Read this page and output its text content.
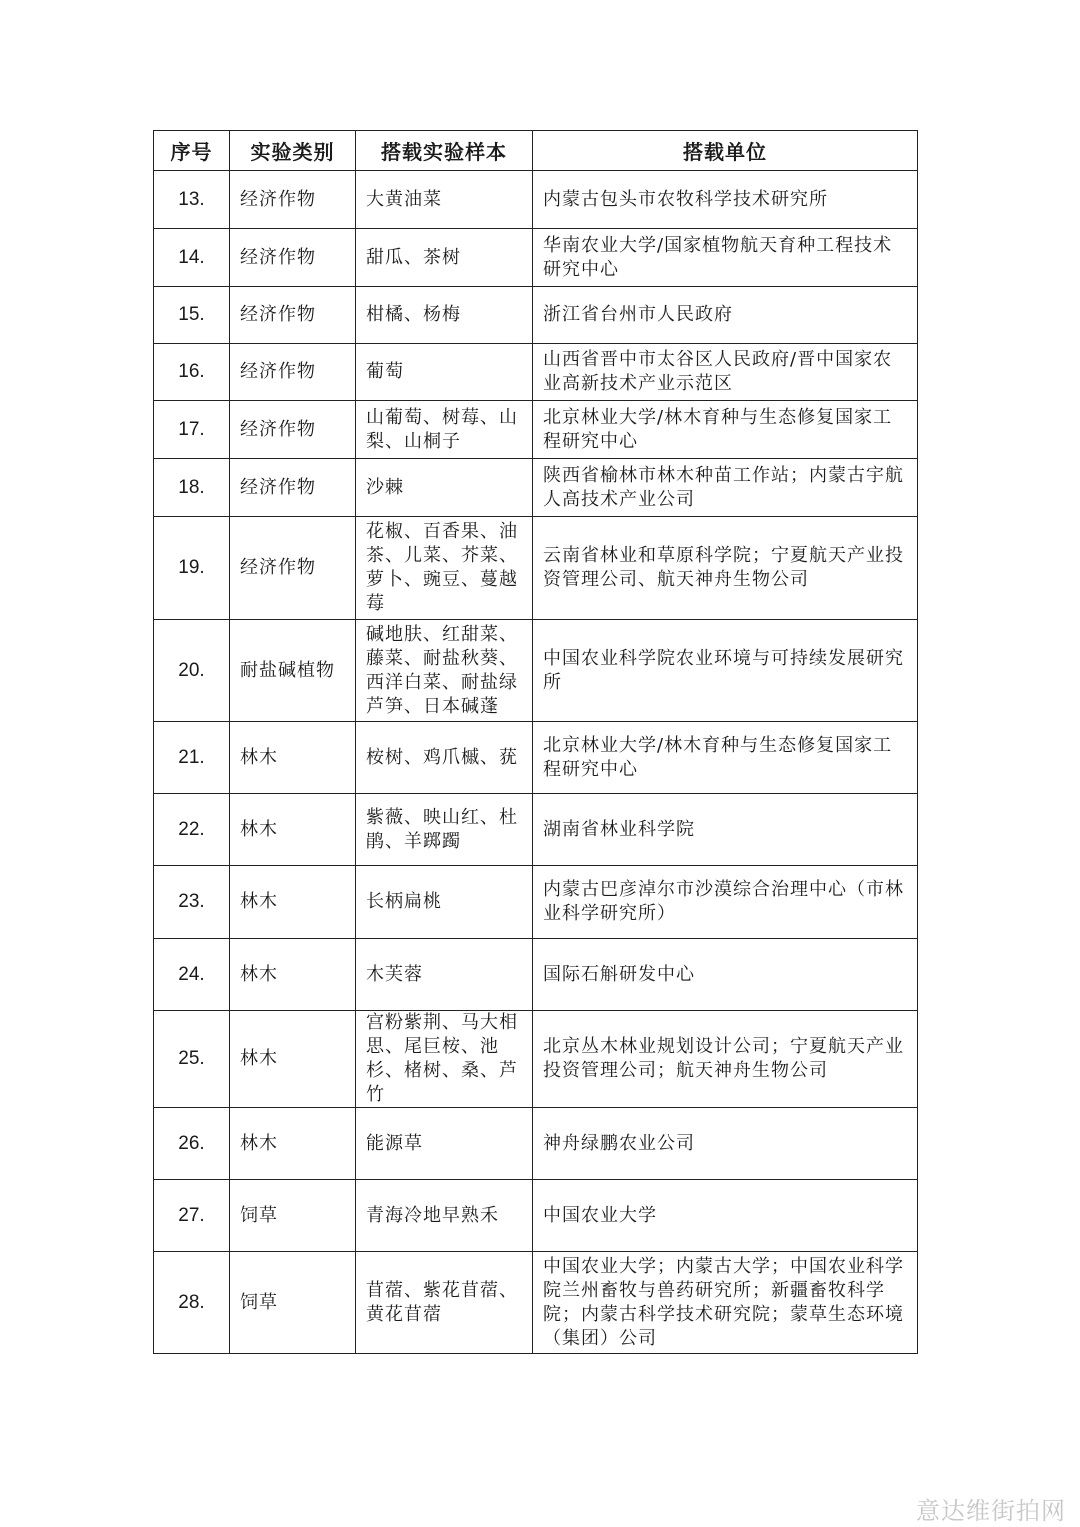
序号	实验类别	搭载实验样本	搭载单位
13.	经济作物	大黄油菜	内蒙古包头市农牧科学技术研究所
14.	经济作物	甜瓜、茶树	华南农业大学/国家植物航天育种工程技术研究中心
15.	经济作物	柑橘、杨梅	浙江省台州市人民政府
16.	经济作物	葡萄	山西省晋中市太谷区人民政府/晋中国家农业高新技术产业示范区
17.	经济作物	山葡萄、树莓、山梨、山桐子	北京林业大学/林木育种与生态修复国家工程研究中心
18.	经济作物	沙棘	陕西省榆林市林木种苗工作站；内蒙古宇航人高技术产业公司
19.	经济作物	花椒、百香果、油茶、儿菜、芥菜、萝卜、豌豆、蔓越莓	云南省林业和草原科学院；宁夏航天产业投资管理公司、航天神舟生物公司
20.	耐盐碱植物	碱地肤、红甜菜、藤菜、耐盐秋葵、西洋白菜、耐盐绿芦笋、日本碱蓬	中国农业科学院农业环境与可持续发展研究所
21.	林木	桉树、鸡爪槭、莸	北京林业大学/林木育种与生态修复国家工程研究中心
22.	林木	紫薇、映山红、杜鹃、羊踯躅	湖南省林业科学院
23.	林木	长柄扁桃	内蒙古巴彦淖尔市沙漠综合治理中心（市林业科学研究所）
24.	林木	木芙蓉	国际石斛研发中心
25.	林木	宫粉紫荆、马大相思、尾巨桉、池杉、楮树、桑、芦竹	北京丛木林业规划设计公司；宁夏航天产业投资管理公司；航天神舟生物公司
26.	林木	能源草	神舟绿鹏农业公司
27.	饲草	青海冷地早熟禾	中国农业大学
28.	饲草	苜蓿、紫花苜蓿、黄花苜蓿	中国农业大学；内蒙古大学；中国农业科学院兰州畜牧与兽药研究所；新疆畜牧科学院；内蒙古科学技术研究院；蒙草生态环境（集团）公司
意达维街拍网
